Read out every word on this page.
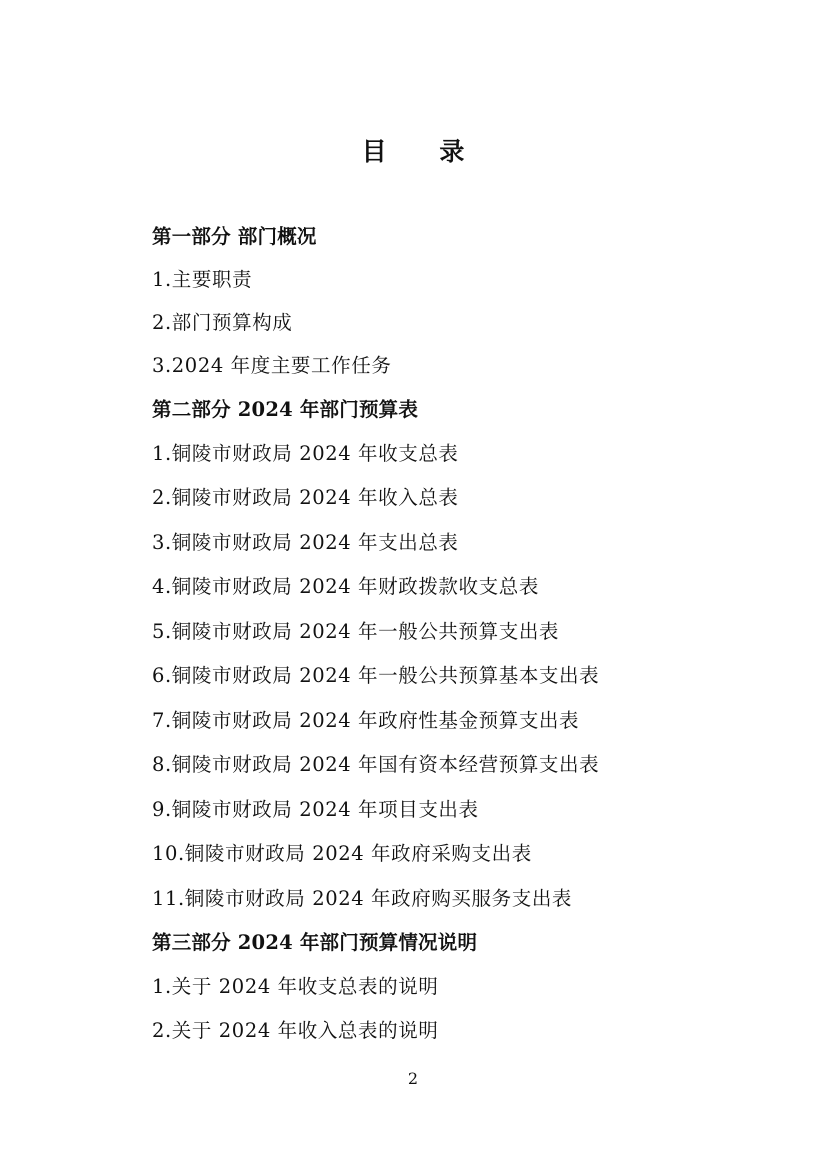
目 录
第一部分 部门概况
1.主要职责
2.部门预算构成
3.2024 年度主要工作任务
第二部分 2024 年部门预算表
1.铜陵市财政局 2024 年收支总表
2.铜陵市财政局 2024 年收入总表
3.铜陵市财政局 2024 年支出总表
4.铜陵市财政局 2024 年财政拨款收支总表
5.铜陵市财政局 2024 年一般公共预算支出表
6.铜陵市财政局 2024 年一般公共预算基本支出表
7.铜陵市财政局 2024 年政府性基金预算支出表
8.铜陵市财政局 2024 年国有资本经营预算支出表
9.铜陵市财政局 2024 年项目支出表
10.铜陵市财政局 2024 年政府采购支出表
11.铜陵市财政局 2024 年政府购买服务支出表
第三部分 2024 年部门预算情况说明
1.关于 2024 年收支总表的说明
2.关于 2024 年收入总表的说明
2
